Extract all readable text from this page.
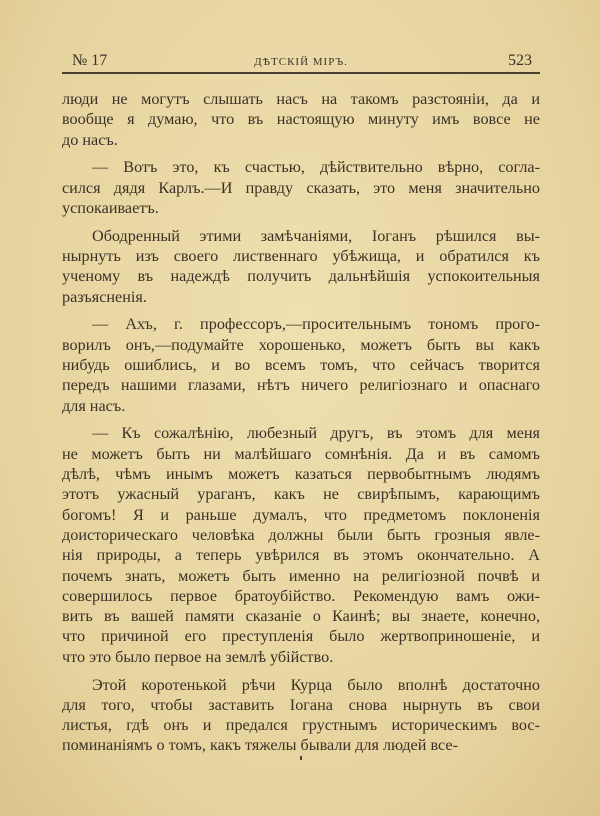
№ 17	ДѢТСКІЙ МІРЪ.	523
люди не могутъ слышать насъ на такомъ разстояніи, да и
вообще я думаю, что въ настоящую минуту имъ вовсе не
до насъ.
— Вотъ это, къ счастью, дѣйствительно вѣрно, согла-
сился дядя Карлъ.—И правду сказать, это меня значительно
успокаиваетъ.
Ободренный этими замѣчаніями, Іоганъ рѣшился вы-
нырнуть изъ своего лиственнаго убѣжища, и обратился къ
ученому въ надеждѣ получить дальнѣйшія успокоительныя
разъясненія.
— Ахъ, г. профессоръ,—просительнымъ тономъ прого-
ворилъ онъ,—подумайте хорошенько, можетъ быть вы какъ
нибудь ошиблись, и во всемъ томъ, что сейчасъ творится
передъ нашими глазами, нѣтъ ничего религіознаго и опаснаго
для насъ.
— Къ сожалѣнію, любезный другъ, въ этомъ для меня
не можетъ быть ни малѣйшаго сомнѣнія. Да и въ самомъ
дѣлѣ, чѣмъ инымъ можетъ казаться первобытнымъ людямъ
этотъ ужасный ураганъ, какъ не свирѣпымъ, карающимъ
богомъ! Я и раньше думалъ, что предметомъ поклоненія
доисторическаго человѣка должны были быть грозныя явле-
нія природы, а теперь увѣрился въ этомъ окончательно. А
почемъ знать, можетъ быть именно на религіозной почвѣ и
совершилось первое братоубійство. Рекомендую вамъ ожи-
вить въ вашей памяти сказаніе о Каинѣ; вы знаете, конечно,
что причиной его преступленія было жертвоприношеніе, и
что это было первое на землѣ убійство.
Этой коротенькой рѣчи Курца было вполнѣ достаточно
для того, чтобы заставить Іогана снова нырнуть въ свои
листья, гдѣ онъ и предался грустнымъ историческимъ вос-
поминаніямъ о томъ, какъ тяжелы бывали для людей все-
